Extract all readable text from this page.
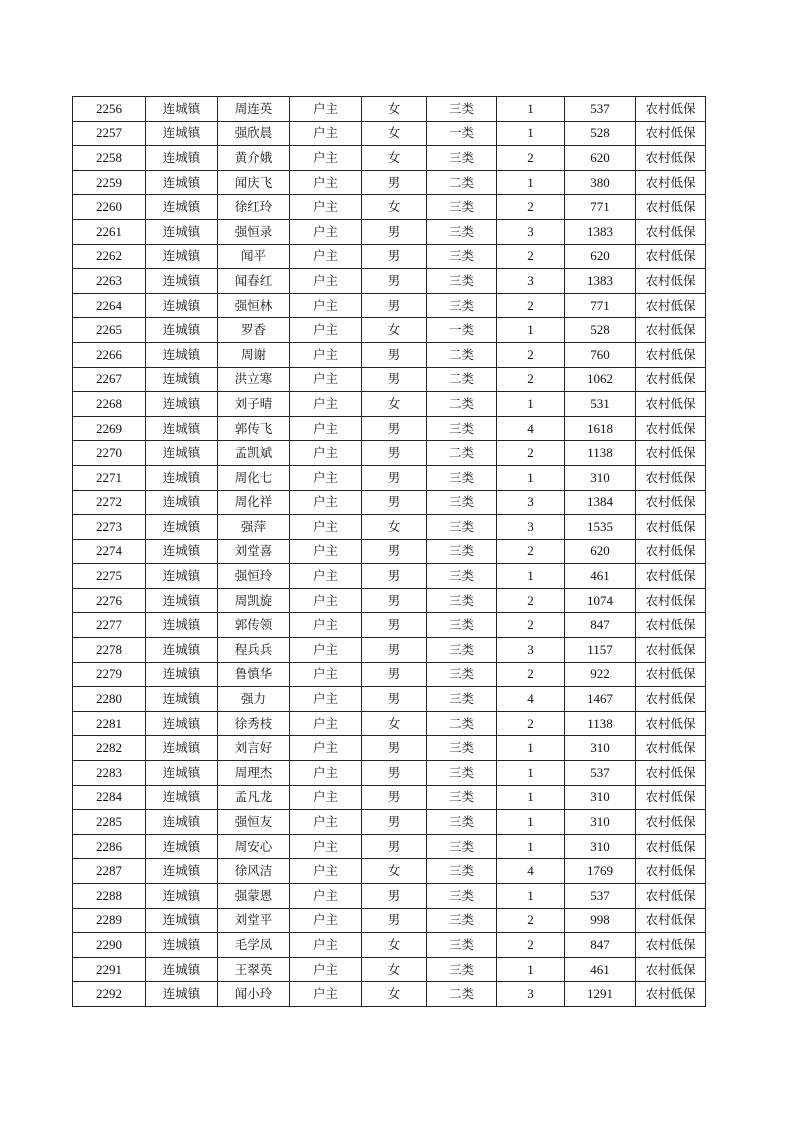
2256	连城镇	周连英	户主	女	三类	1	537	农村低保
2257	连城镇	强欣晨	户主	女	一类	1	528	农村低保
2258	连城镇	黄介娥	户主	女	三类	2	620	农村低保
2259	连城镇	闻庆飞	户主	男	二类	1	380	农村低保
2260	连城镇	徐红玲	户主	女	三类	2	771	农村低保
2261	连城镇	强恒录	户主	男	三类	3	1383	农村低保
2262	连城镇	闻平	户主	男	三类	2	620	农村低保
2263	连城镇	闻春红	户主	男	三类	3	1383	农村低保
2264	连城镇	强恒林	户主	男	三类	2	771	农村低保
2265	连城镇	罗香	户主	女	一类	1	528	农村低保
2266	连城镇	周谢	户主	男	二类	2	760	农村低保
2267	连城镇	洪立寒	户主	男	二类	2	1062	农村低保
2268	连城镇	刘子晴	户主	女	二类	1	531	农村低保
2269	连城镇	郭传飞	户主	男	三类	4	1618	农村低保
2270	连城镇	孟凯斌	户主	男	二类	2	1138	农村低保
2271	连城镇	周化七	户主	男	三类	1	310	农村低保
2272	连城镇	周化祥	户主	男	三类	3	1384	农村低保
2273	连城镇	强萍	户主	女	三类	3	1535	农村低保
2274	连城镇	刘堂喜	户主	男	三类	2	620	农村低保
2275	连城镇	强恒玲	户主	男	三类	1	461	农村低保
2276	连城镇	周凯旋	户主	男	三类	2	1074	农村低保
2277	连城镇	郭传领	户主	男	三类	2	847	农村低保
2278	连城镇	程兵兵	户主	男	三类	3	1157	农村低保
2279	连城镇	鲁慎华	户主	男	三类	2	922	农村低保
2280	连城镇	强力	户主	男	三类	4	1467	农村低保
2281	连城镇	徐秀枝	户主	女	二类	2	1138	农村低保
2282	连城镇	刘言好	户主	男	三类	1	310	农村低保
2283	连城镇	周理杰	户主	男	三类	1	537	农村低保
2284	连城镇	孟凡龙	户主	男	三类	1	310	农村低保
2285	连城镇	强恒友	户主	男	三类	1	310	农村低保
2286	连城镇	周安心	户主	男	三类	1	310	农村低保
2287	连城镇	徐风洁	户主	女	三类	4	1769	农村低保
2288	连城镇	强蒙恩	户主	男	三类	1	537	农村低保
2289	连城镇	刘堂平	户主	男	三类	2	998	农村低保
2290	连城镇	毛学凤	户主	女	三类	2	847	农村低保
2291	连城镇	王翠英	户主	女	三类	1	461	农村低保
2292	连城镇	闻小玲	户主	女	二类	3	1291	农村低保
